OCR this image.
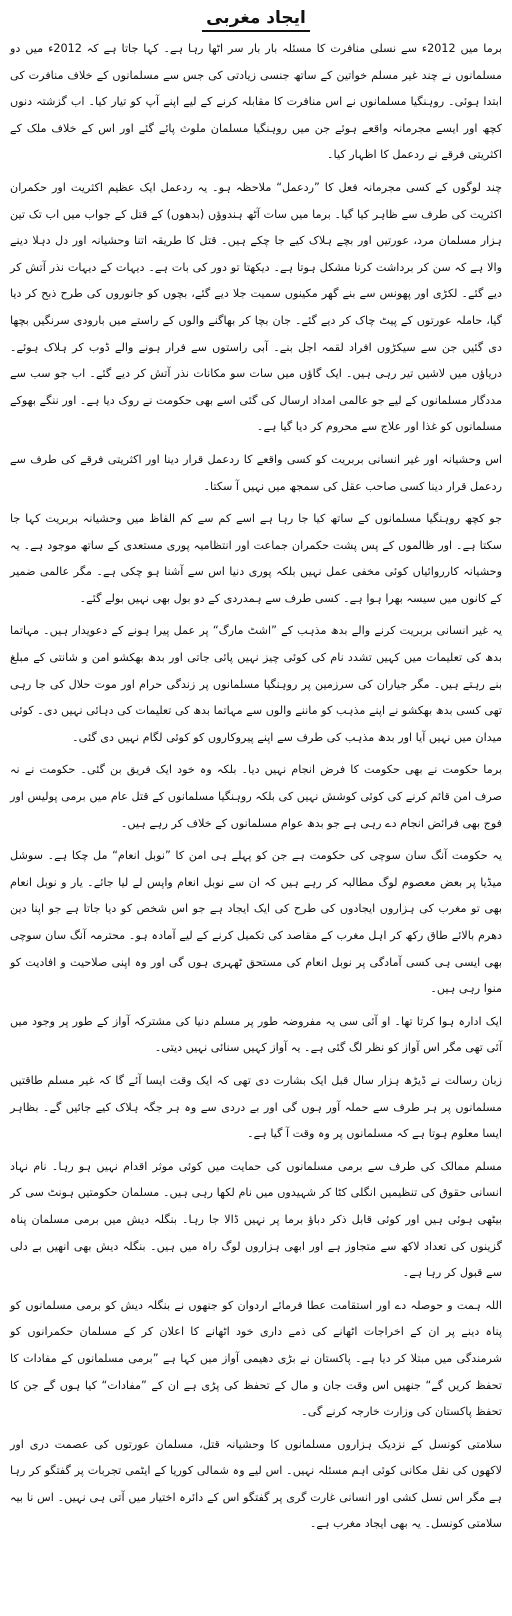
ایجاد مغربی

برما میں 2012ء سے نسلی منافرت کا مسئلہ بار بار سر اٹھا رہا ہے۔ کہا جاتا ہے کہ 2012ء میں دو مسلمانوں نے چند غیر مسلم خواتین کے ساتھ جنسی زیادتی کی جس سے مسلمانوں کے خلاف منافرت کی ابتدا ہوئی۔ روہنگیا مسلمانوں نے اس منافرت کا مقابلہ کرنے کے لیے اپنے آپ کو تیار کیا۔ اب گزشتہ دنوں کچھ اور ایسے مجرمانہ واقعے ہوئے جن میں روہنگیا مسلمان ملوث پائے گئے اور اس کے خلاف ملک کے اکثریتی فرقے نے ردعمل کا اظہار کیا۔

چند لوگوں کے کسی مجرمانہ فعل کا ”ردعمل“ ملاحظہ ہو۔ یہ ردعمل ایک عظیم اکثریت اور حکمران اکثریت کی طرف سے ظاہر کیا گیا۔ برما میں سات آٹھ ہندوؤں (بدھوں) کے قتل کے جواب میں اب تک تین ہزار مسلمان مرد، عورتیں اور بچے ہلاک کیے جا چکے ہیں۔ قتل کا طریقہ اتنا وحشیانہ اور دل دہلا دینے والا ہے کہ سن کر برداشت کرنا مشکل ہوتا ہے۔ دیکھتا تو دور کی بات ہے۔ دیہات کے دیہات نذر آتش کر دیے گئے۔ لکڑی اور پھونس سے بنے گھر مکینوں سمیت جلا دیے گئے، بچوں کو جانوروں کی طرح ذبح کر دیا گیا، حاملہ عورتوں کے پیٹ چاک کر دیے گئے۔ جان بچا کر بھاگنے والوں کے راستے میں بارودی سرنگیں بچھا دی گئیں جن سے سیکڑوں افراد لقمہ اجل بنے۔ آبی راستوں سے فرار ہونے والے ڈوب کر ہلاک ہوئے۔ دریاؤں میں لاشیں تیر رہی ہیں۔ ایک گاؤں میں سات سو مکانات نذر آتش کر دیے گئے۔ اب جو سب سے مددگار مسلمانوں کے لیے جو عالمی امداد ارسال کی گئی اسے بھی حکومت نے روک دیا ہے۔ اور ننگے بھوکے مسلمانوں کو غذا اور علاج سے محروم کر دیا گیا ہے۔

اس وحشیانہ اور غیر انسانی بربریت کو کسی واقعے کا ردعمل قرار دینا اور اکثریتی فرقے کی طرف سے ردعمل قرار دینا کسی صاحب عقل کی سمجھ میں نہیں آ سکتا۔

جو کچھ روہنگیا مسلمانوں کے ساتھ کیا جا رہا ہے اسے کم سے کم الفاظ میں وحشیانہ بربریت کہا جا سکتا ہے۔ اور ظالموں کے پس پشت حکمران جماعت اور انتظامیہ پوری مستعدی کے ساتھ موجود ہے۔ یہ وحشیانہ کارروائیاں کوئی مخفی عمل نہیں بلکہ پوری دنیا اس سے آشنا ہو چکی ہے۔ مگر عالمی ضمیر کے کانوں میں سیسہ بھرا ہوا ہے۔ کسی طرف سے ہمدردی کے دو بول بھی نہیں بولے گئے۔

یہ غیر انسانی بربریت کرنے والے بدھ مذہب کے ”اشٹ مارگ“ پر عمل پیرا ہونے کے دعویدار ہیں۔ مہاتما بدھ کی تعلیمات میں کہیں تشدد نام کی کوئی چیز نہیں پائی جاتی اور بدھ بھکشو امن و شانتی کے مبلغ بنے رہتے ہیں۔ مگر جیاران کی سرزمین پر روہنگیا مسلمانوں پر زندگی حرام اور موت حلال کی جا رہی تھی کسی بدھ بھکشو نے اپنے مذہب کو ماننے والوں سے مہاتما بدھ کی تعلیمات کی دہائی نہیں دی۔ کوئی میدان میں نہیں آیا اور بدھ مذہب کی طرف سے اپنے پیروکاروں کو کوئی لگام نہیں دی گئی۔

برما حکومت نے بھی حکومت کا فرض انجام نہیں دیا۔ بلکہ وہ خود ایک فریق بن گئی۔ حکومت نے نہ صرف امن قائم کرنے کی کوئی کوشش نہیں کی بلکہ روہنگیا مسلمانوں کے قتل عام میں برمی پولیس اور فوج بھی فرائض انجام دے رہی ہے جو بدھ عوام مسلمانوں کے خلاف کر رہے ہیں۔

یہ حکومت آنگ سان سوچی کی حکومت ہے جن کو پہلے ہی امن کا ”نوبل انعام“ مل چکا ہے۔ سوشل میڈیا پر بعض معصوم لوگ مطالبہ کر رہے ہیں کہ ان سے نوبل انعام واپس لے لیا جائے۔ یار و نوبل انعام بھی تو مغرب کی ہزاروں ایجادوں کی طرح کی ایک ایجاد ہے جو اس شخص کو دیا جاتا ہے جو اپنا دین دھرم بالائے طاق رکھ کر اہل مغرب کے مقاصد کی تکمیل کرنے کے لیے آمادہ ہو۔ محترمہ آنگ سان سوچی بھی ایسی ہی کسی آمادگی پر نوبل انعام کی مستحق ٹھہری ہوں گی اور وہ اپنی صلاحیت و افادیت کو منوا رہی ہیں۔

ایک ادارہ ہوا کرتا تھا۔ او آئی سی یہ مفروضہ طور پر مسلم دنیا کی مشترکہ آواز کے طور پر وجود میں آئی تھی مگر اس آواز کو نظر لگ گئی ہے۔ یہ آواز کہیں سنائی نہیں دیتی۔

زبان رسالت نے ڈیڑھ ہزار سال قبل ایک بشارت دی تھی کہ ایک وقت ایسا آئے گا کہ غیر مسلم طاقتیں مسلمانوں پر ہر طرف سے حملہ آور ہوں گی اور بے دردی سے وہ ہر جگہ ہلاک کیے جائیں گے۔ بظاہر ایسا معلوم ہوتا ہے کہ مسلمانوں پر وہ وقت آ گیا ہے۔

مسلم ممالک کی طرف سے برمی مسلمانوں کی حمایت میں کوئی موثر اقدام نہیں ہو رہا۔ نام نہاد انسانی حقوق کی تنظیمیں انگلی کٹا کر شہیدوں میں نام لکھا رہی ہیں۔ مسلمان حکومتیں ہونٹ سی کر بیٹھی ہوئی ہیں اور کوئی قابل ذکر دباؤ برما پر نہیں ڈالا جا رہا۔ بنگلہ دیش میں برمی مسلمان پناہ گزینوں کی تعداد لاکھ سے متجاوز ہے اور ابھی ہزاروں لوگ راہ میں ہیں۔ بنگلہ دیش بھی انھیں بے دلی سے قبول کر رہا ہے۔

اللہ ہمت و حوصلہ دے اور استقامت عطا فرمائے اردوان کو جنھوں نے بنگلہ دیش کو برمی مسلمانوں کو پناہ دینے پر ان کے اخراجات اٹھانے کی ذمے داری خود اٹھانے کا اعلان کر کے مسلمان حکمرانوں کو شرمندگی میں مبتلا کر دیا ہے۔ پاکستان نے بڑی دھیمی آواز میں کہا ہے ”برمی مسلمانوں کے مفادات کا تحفظ کریں گے“ جنھیں اس وقت جان و مال کے تحفظ کی پڑی ہے ان کے ”مفادات“ کیا ہوں گے جن کا تحفظ پاکستان کی وزارت خارجہ کرنے گی۔

سلامتی کونسل کے نزدیک ہزاروں مسلمانوں کا وحشیانہ قتل، مسلمان عورتوں کی عصمت دری اور لاکھوں کی نقل مکانی کوئی اہم مسئلہ نہیں۔ اس لیے وہ شمالی کوریا کے ایٹمی تجربات پر گفتگو کر رہا ہے مگر اس نسل کشی اور انسانی غارت گری پر گفتگو اس کے دائرہ اختیار میں آتی ہی نہیں۔ اس نا بیہ سلامتی کونسل۔ یہ بھی ایجاد مغرب ہے۔
